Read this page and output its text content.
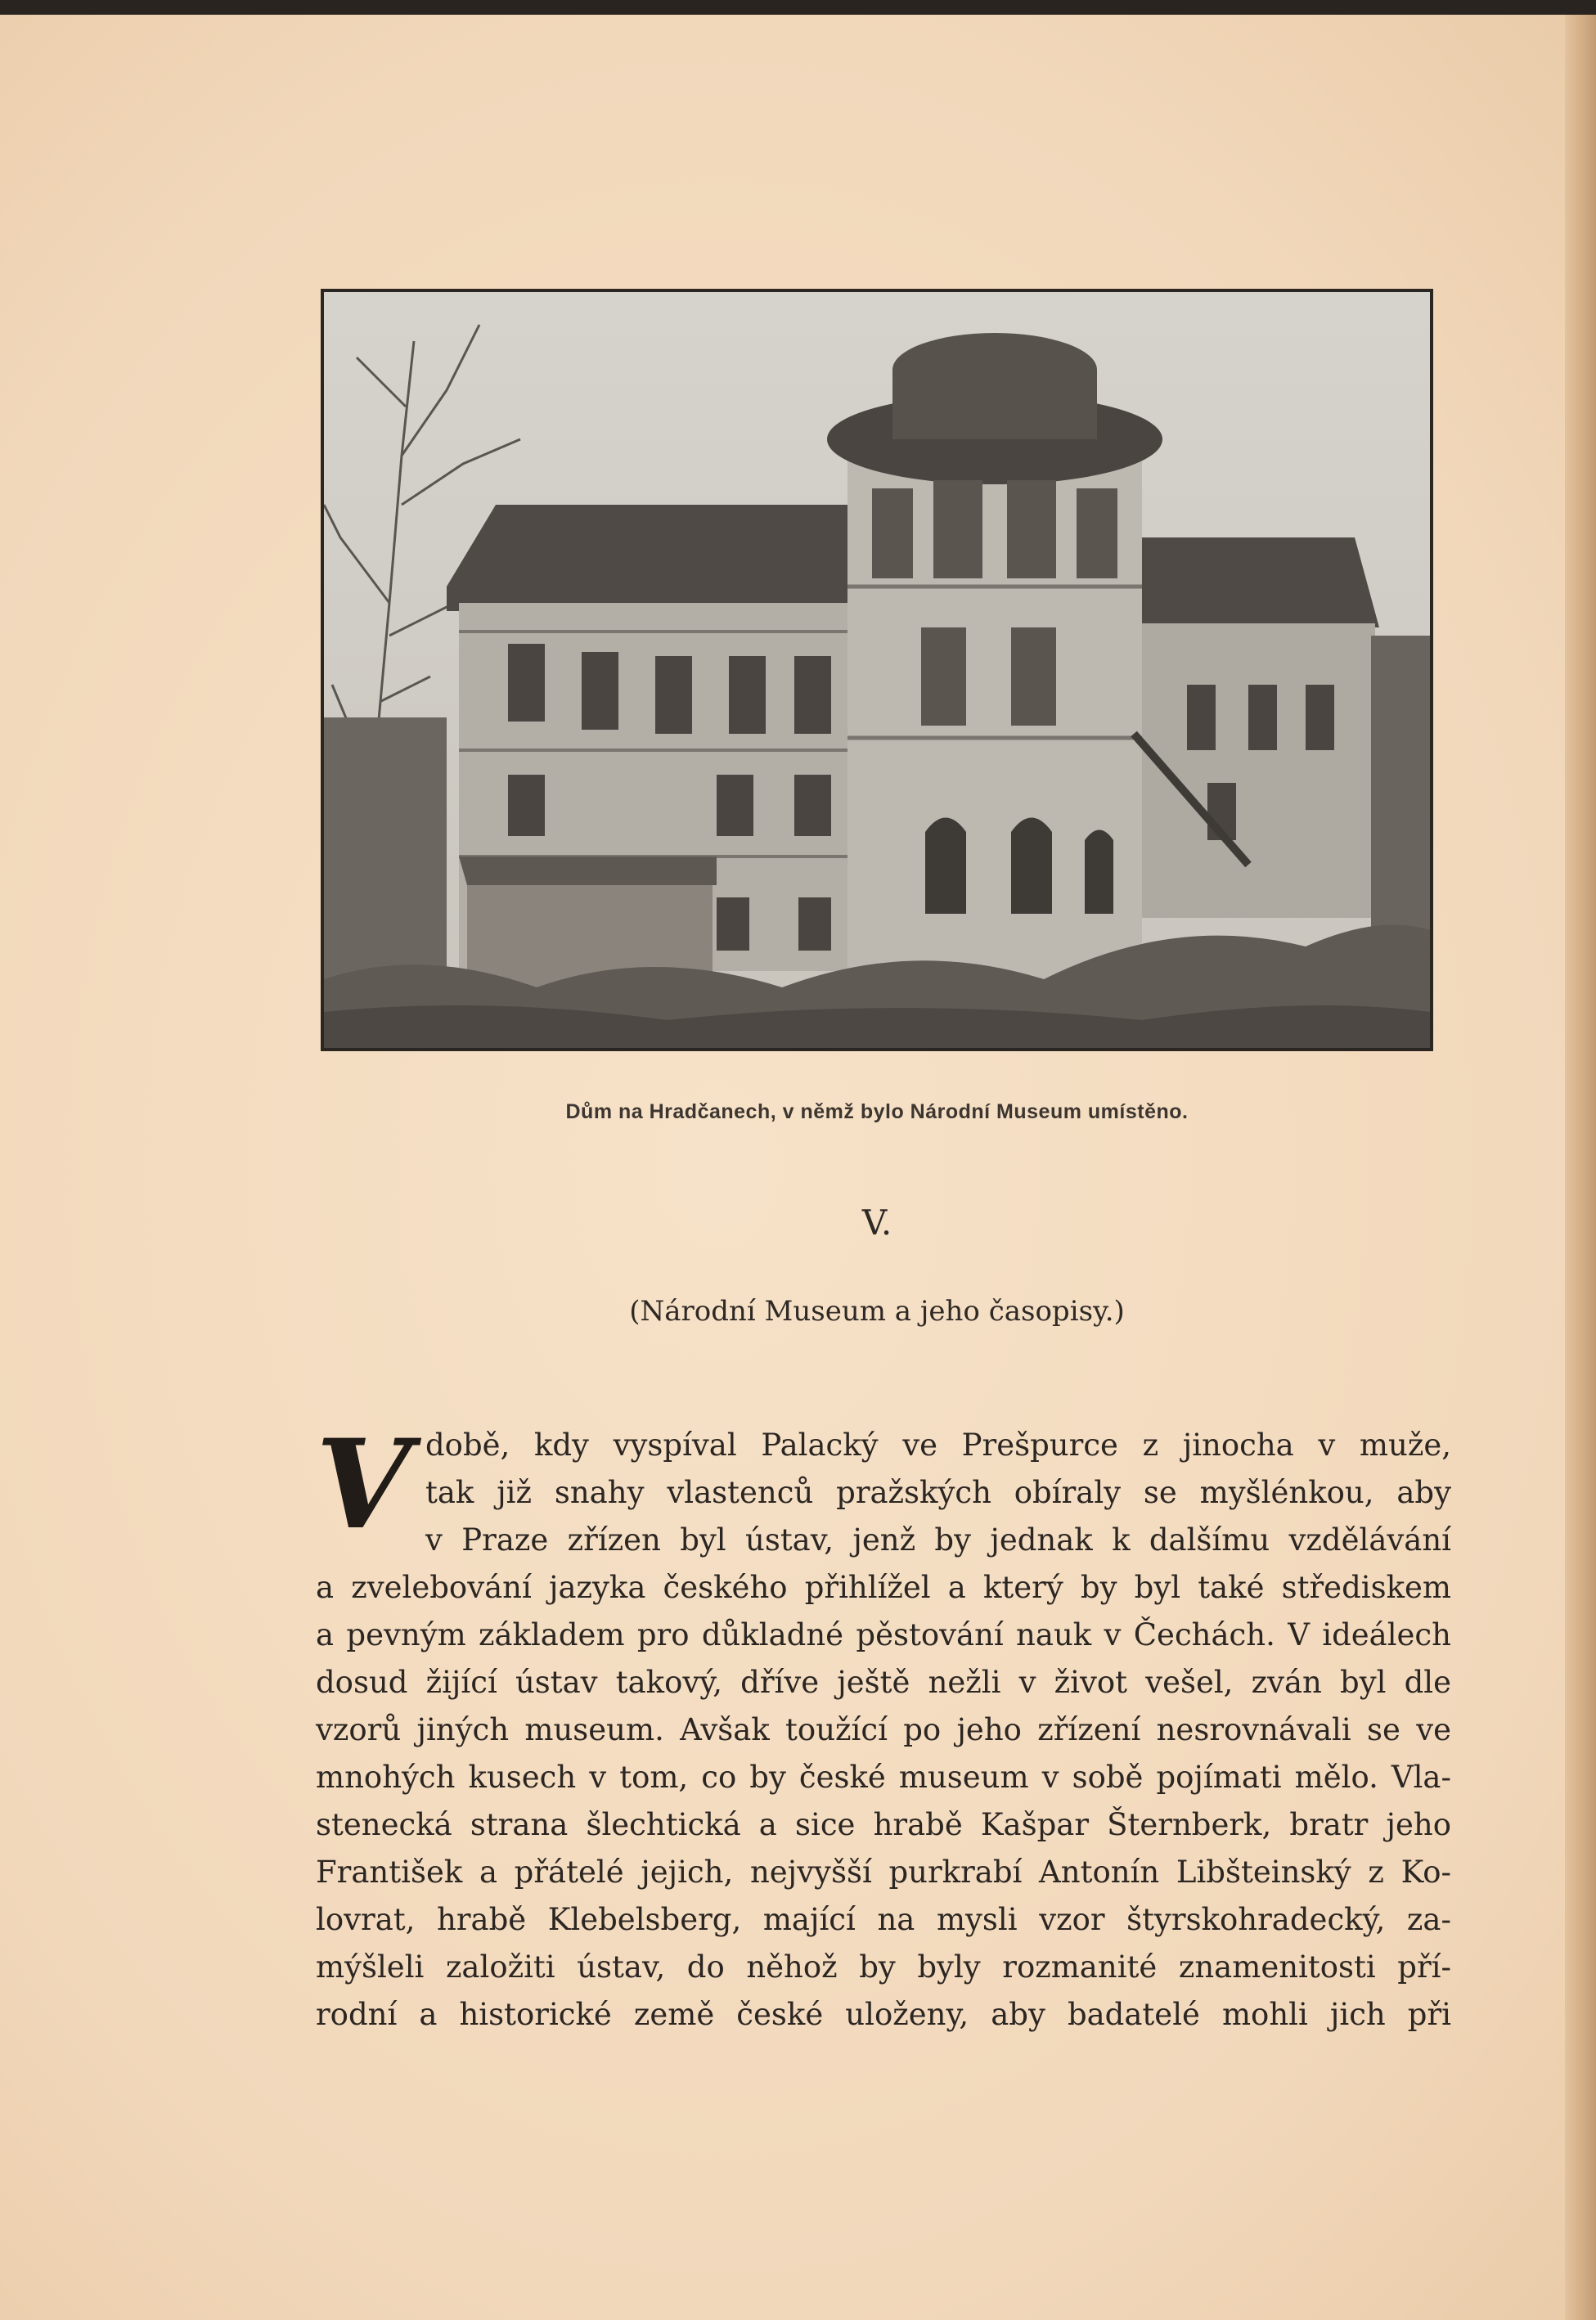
Dům na Hradčanech, v němž bylo Národní Museum umístěno.
V.
(Národní Museum a jeho časopisy.)
V době, kdy vyspíval Palacký ve Prešpurce z jinocha v muže,
tak již snahy vlastenců pražských obíraly se myšlénkou, aby
v Praze zřízen byl ústav, jenž by jednak k dalšímu vzdělávání
a zvelebování jazyka českého přihlížel a který by byl také střediskem
a pevným základem pro důkladné pěstování nauk v Čechách. V ideálech
dosud žijící ústav takový, dříve ještě nežli v život vešel, zván byl dle
vzorů jiných museum. Avšak toužící po jeho zřízení nesrovnávali se ve
mnohých kusech v tom, co by české museum v sobě pojímati mělo. Vla-
stenecká strana šlechtická a sice hrabě Kašpar Šternberk, bratr jeho
František a přátelé jejich, nejvyšší purkrabí Antonín Libšteinský z Ko-
lovrat, hrabě Klebelsberg, mající na mysli vzor štyrskohradecký, za-
mýšleli založiti ústav, do něhož by byly rozmanité znamenitosti pří-
rodní a historické země české uloženy, aby badatelé mohli jich při
